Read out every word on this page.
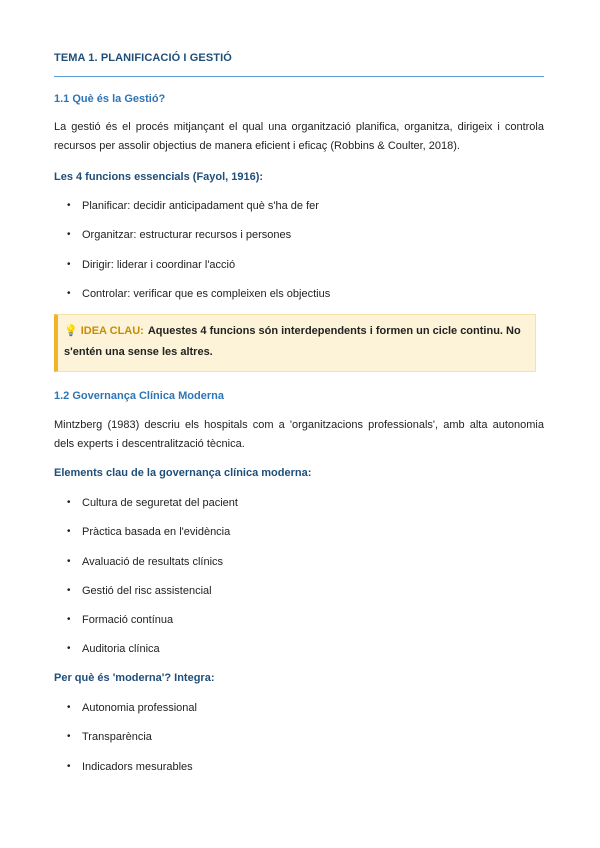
TEMA 1. PLANIFICACIÓ I GESTIÓ
1.1 Què és la Gestió?
La gestió és el procés mitjançant el qual una organització planifica, organitza, dirigeix i controla recursos per assolir objectius de manera eficient i eficaç (Robbins & Coulter, 2018).
Les 4 funcions essencials (Fayol, 1916):
• Planificar: decidir anticipadament què s'ha de fer
• Organitzar: estructurar recursos i persones
• Dirigir: liderar i coordinar l'acció
• Controlar: verificar que es compleixen els objectius
💡 IDEA CLAU: Aquestes 4 funcions són interdependents i formen un cicle continu. No s'entén una sense les altres.
1.2 Governança Clínica Moderna
Mintzberg (1983) descriu els hospitals com a 'organitzacions professionals', amb alta autonomia dels experts i descentralització tècnica.
Elements clau de la governança clínica moderna:
• Cultura de seguretat del pacient
• Pràctica basada en l'evidència
• Avaluació de resultats clínics
• Gestió del risc assistencial
• Formació contínua
• Auditoria clínica
Per què és 'moderna'? Integra:
• Autonomia professional
• Transparència
• Indicadors mesurables
